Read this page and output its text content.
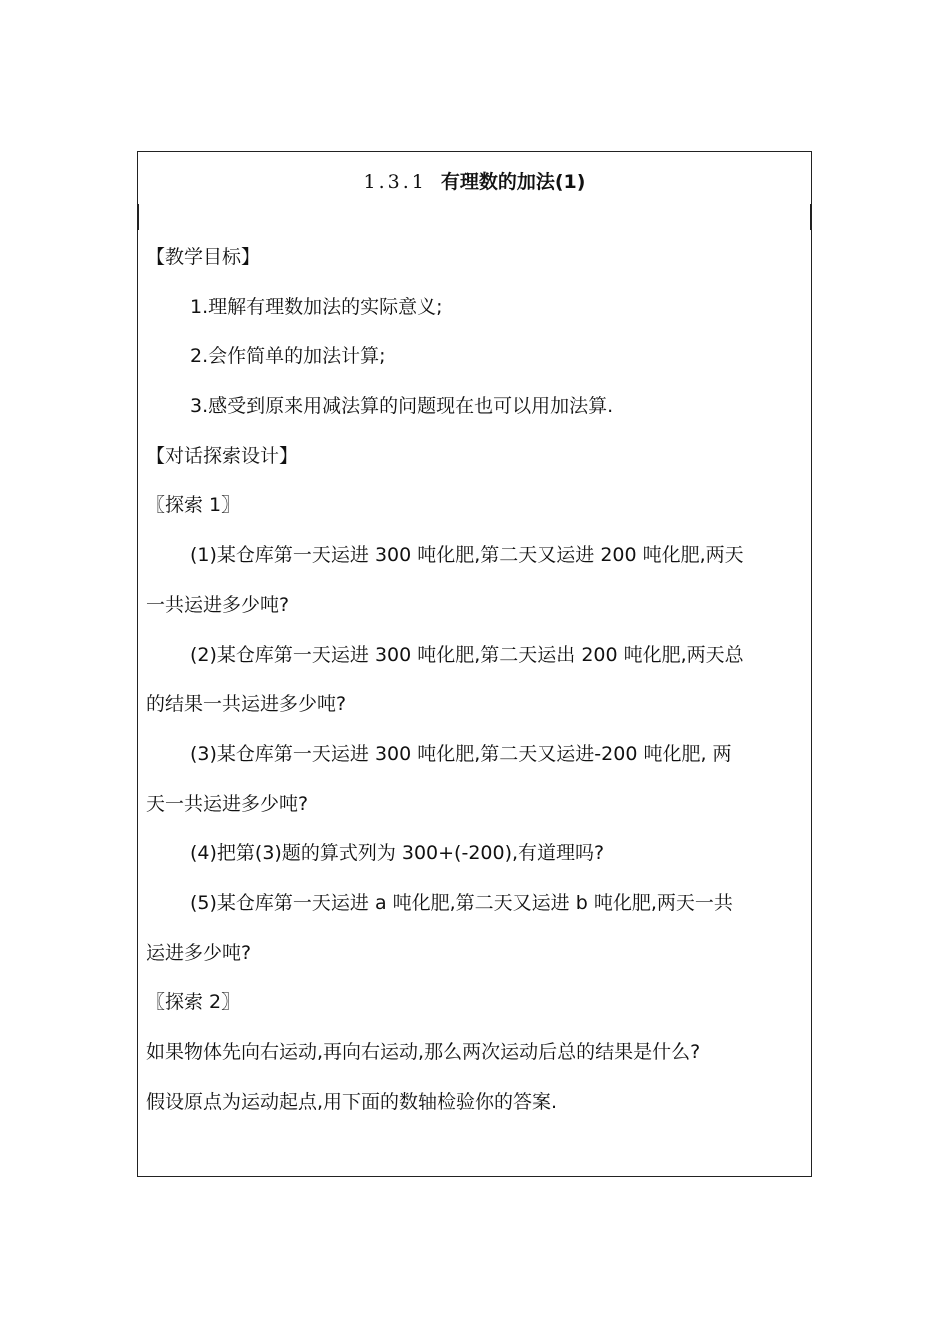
1.3.1 有理数的加法(1)
【教学目标】
1.理解有理数加法的实际意义;
2.会作简单的加法计算;
3.感受到原来用减法算的问题现在也可以用加法算.
【对话探索设计】
〖探索 1〗
(1)某仓库第一天运进 300 吨化肥,第二天又运进 200 吨化肥,两天
一共运进多少吨?
(2)某仓库第一天运进 300 吨化肥,第二天运出 200 吨化肥,两天总
的结果一共运进多少吨?
(3)某仓库第一天运进 300 吨化肥,第二天又运进-200 吨化肥, 两
天一共运进多少吨?
(4)把第(3)题的算式列为 300+(-200),有道理吗?
(5)某仓库第一天运进 a 吨化肥,第二天又运进 b 吨化肥,两天一共
运进多少吨?
〖探索 2〗
如果物体先向右运动,再向右运动,那么两次运动后总的结果是什么?
假设原点为运动起点,用下面的数轴检验你的答案.
